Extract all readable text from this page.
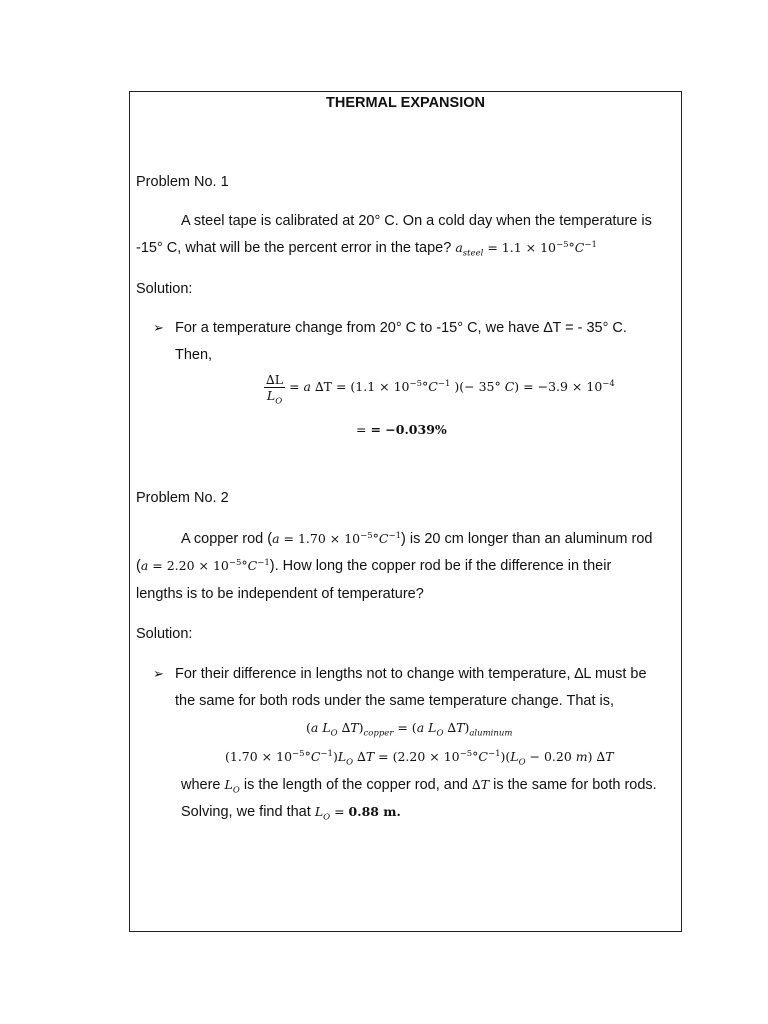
THERMAL EXPANSION
Problem No. 1
A steel tape is calibrated at 20° C. On a cold day when the temperature is
-15° C, what will be the percent error in the tape? $a_{steel} = 1.1 \times 10^{-5}^\circ C^{-1}$
Solution:
➢ For a temperature change from 20° C to -15° C, we have ∆T = - 35° C.
Then,
$\frac{\Delta L}{L_O} = a$ $\Delta T = (1.1 \times 10^{-5}^\circ C^{-1}$ )(− 35° $C) = -3.9 \times 10^{-4}$
= = −0.039%
Problem No. 2
A copper rod $(a = 1.70 \times 10^{-5}^\circ C^{-1})$ is 20 cm longer than an aluminum rod
$(a = 2.20 \times 10^{-5}^\circ C^{-1})$. How long the copper rod be if the difference in their
lengths is to be independent of temperature?
Solution:
➢ For their difference in lengths not to change with temperature, ∆L must be
the same for both rods under the same temperature change. That is,
(a $L_O$ $\Delta T)_{copper} = (a$ $L_O$ $\Delta T)_{aluminum}$
$(1.70 \times 10^{-5}^\circ C^{-1})L_O$ $\Delta T = (2.20 \times 10^{-5}^\circ C^{-1})(L_O - 0.20$ m) ∆T
where $L_O$ is the length of the copper rod, and ∆T is the same for both rods.
Solving, we find that $L_O = 0.88$ m.
